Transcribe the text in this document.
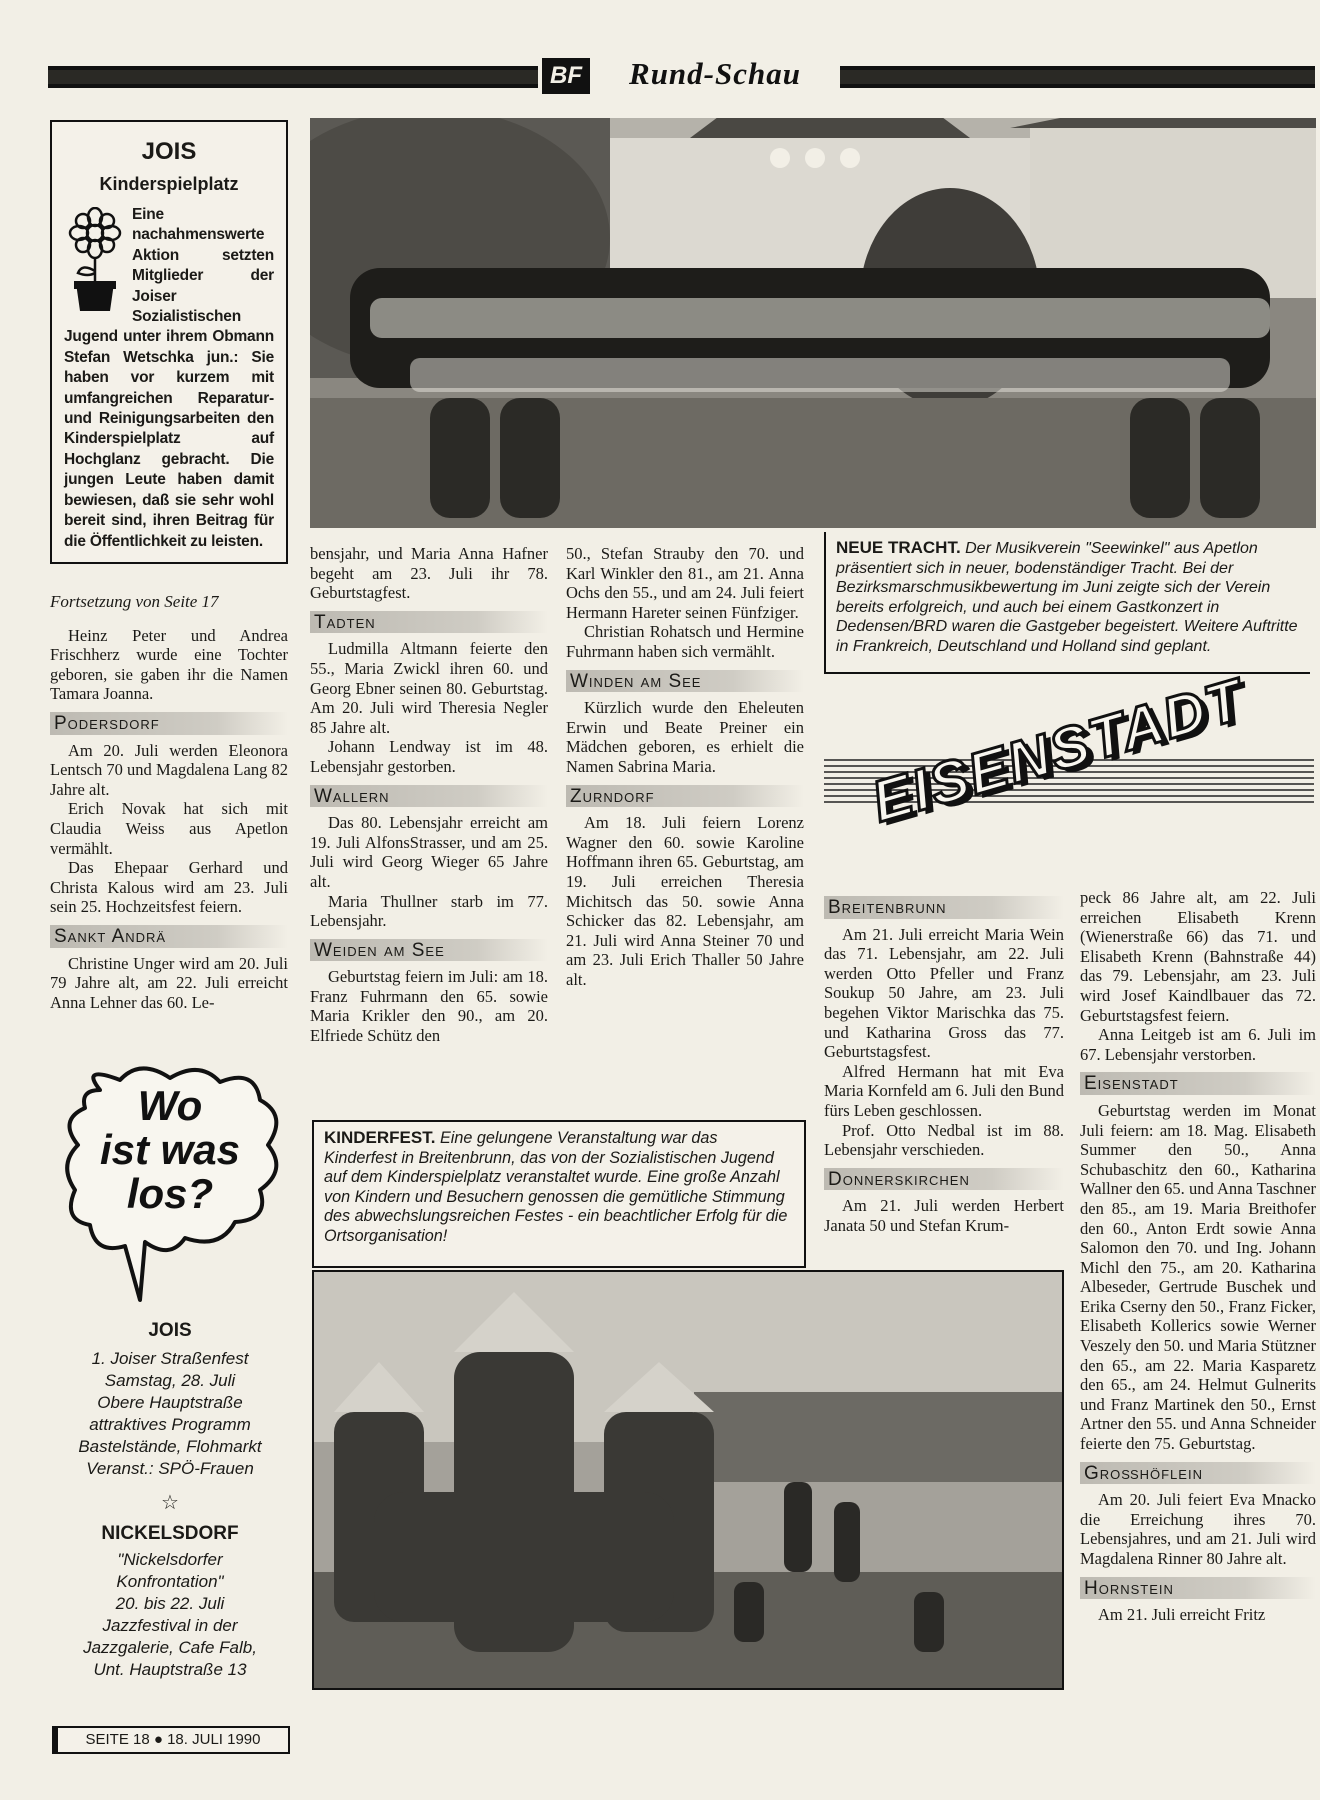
BF	Rund-Schau
JOIS
Kinderspielplatz
Eine nachahmenswerte Aktion setzten Mitglieder der Joiser Sozialistischen Jugend unter ihrem Obmann Stefan Wetschka jun.: Sie haben vor kurzem mit umfangreichen Reparatur- und Reinigungsarbeiten den Kinderspielplatz auf Hochglanz gebracht. Die jungen Leute haben damit bewiesen, daß sie sehr wohl bereit sind, ihren Beitrag für die Öffentlichkeit zu leisten.
Fortsetzung von Seite 17

Heinz Peter und Andrea Frischherz wurde eine Tochter geboren, sie gaben ihr die Namen Tamara Joanna.

Podersdorf

Am 20. Juli werden Eleonora Lentsch 70 und Magdalena Lang 82 Jahre alt.

Erich Novak hat sich mit Claudia Weiss aus Apetlon vermählt.

Das Ehepaar Gerhard und Christa Kalous wird am 23. Juli sein 25. Hochzeitsfest feiern.

Sankt Andrä

Christine Unger wird am 20. Juli 79 Jahre alt, am 22. Juli erreicht Anna Lehner das 60. Le-

Wo
ist was
los?
JOIS
1. Joiser Straßenfest
Samstag, 28. Juli
Obere Hauptstraße
attraktives Programm
Bastelstände, Flohmarkt
Veranst.: SPÖ-Frauen
☆
NICKELSDORF
"Nickelsdorfer
Konfrontation"
20. bis 22. Juli
Jazzfestival in der
Jazzgalerie, Cafe Falb,
Unt. Hauptstraße 13
SEITE 18 ● 18. JULI 1990

bensjahr, und Maria Anna Hafner begeht am 23. Juli ihr 78. Geburtstagfest.

Tadten

Ludmilla Altmann feierte den 55., Maria Zwickl ihren 60. und Georg Ebner seinen 80. Geburtstag. Am 20. Juli wird Theresia Negler 85 Jahre alt.

Johann Lendway ist im 48. Lebensjahr gestorben.

Wallern

Das 80. Lebensjahr erreicht am 19. Juli AlfonsStrasser, und am 25. Juli wird Georg Wieger 65 Jahre alt.

Maria Thullner starb im 77. Lebensjahr.

Weiden am See

Geburtstag feiern im Juli: am 18. Franz Fuhrmann den 65. sowie Maria Krikler den 90., am 20. Elfriede Schütz den

50., Stefan Strauby den 70. und Karl Winkler den 81., am 21. Anna Ochs den 55., und am 24. Juli feiert Hermann Hareter seinen Fünfziger.

Christian Rohatsch und Hermine Fuhrmann haben sich vermählt.

Winden am See

Kürzlich wurde den Eheleuten Erwin und Beate Preiner ein Mädchen geboren, es erhielt die Namen Sabrina Maria.

Zurndorf

Am 18. Juli feiern Lorenz Wagner den 60. sowie Karoline Hoffmann ihren 65. Geburtstag, am 19. Juli erreichen Theresia Michitsch das 50. sowie Anna Schicker das 82. Lebensjahr, am 21. Juli wird Anna Steiner 70 und am 23. Juli Erich Thaller 50 Jahre alt.

NEUE TRACHT. Der Musikverein "Seewinkel" aus Apetlon präsentiert sich in neuer, bodenständiger Tracht. Bei der Bezirksmarschmusikbewertung im Juni zeigte sich der Verein bereits erfolgreich, und auch bei einem Gastkonzert in Dedensen/BRD waren die Gastgeber begeistert. Weitere Auftritte in Frankreich, Deutschland und Holland sind geplant.
EISENSTADT
KINDERFEST. Eine gelungene Veranstaltung war das Kinderfest in Breitenbrunn, das von der Sozialistischen Jugend auf dem Kinderspielplatz veranstaltet wurde. Eine große Anzahl von Kindern und Besuchern genossen die gemütliche Stimmung des abwechslungsreichen Festes - ein beachtlicher Erfolg für die Ortsorganisation!
Breitenbrunn

Am 21. Juli erreicht Maria Wein das 71. Lebensjahr, am 22. Juli werden Otto Pfeller und Franz Soukup 50 Jahre, am 23. Juli begehen Viktor Marischka das 75. und Katharina Gross das 77. Geburtstagsfest.

Alfred Hermann hat mit Eva Maria Kornfeld am 6. Juli den Bund fürs Leben geschlossen.

Prof. Otto Nedbal ist im 88. Lebensjahr verschieden.

Donnerskirchen

Am 21. Juli werden Herbert Janata 50 und Stefan Krum-

peck 86 Jahre alt, am 22. Juli erreichen Elisabeth Krenn (Wienerstraße 66) das 71. und Elisabeth Krenn (Bahnstraße 44) das 79. Lebensjahr, am 23. Juli wird Josef Kaindlbauer das 72. Geburtstagsfest feiern.

Anna Leitgeb ist am 6. Juli im 67. Lebensjahr verstorben.

Eisenstadt

Geburtstag werden im Monat Juli feiern: am 18. Mag. Elisabeth Summer den 50., Anna Schubaschitz den 60., Katharina Wallner den 65. und Anna Taschner den 85., am 19. Maria Breithofer den 60., Anton Erdt sowie Anna Salomon den 70. und Ing. Johann Michl den 75., am 20. Katharina Albeseder, Gertrude Buschek und Erika Cserny den 50., Franz Ficker, Elisabeth Kollerics sowie Werner Veszely den 50. und Maria Stützner den 65., am 22. Maria Kasparetz den 65., am 24. Helmut Gulnerits und Franz Martinek den 50., Ernst Artner den 55. und Anna Schneider feierte den 75. Geburtstag.

Großhöflein

Am 20. Juli feiert Eva Mnacko die Erreichung ihres 70. Lebensjahres, und am 21. Juli wird Magdalena Rinner 80 Jahre alt.

Hornstein

Am 21. Juli erreicht Fritz
